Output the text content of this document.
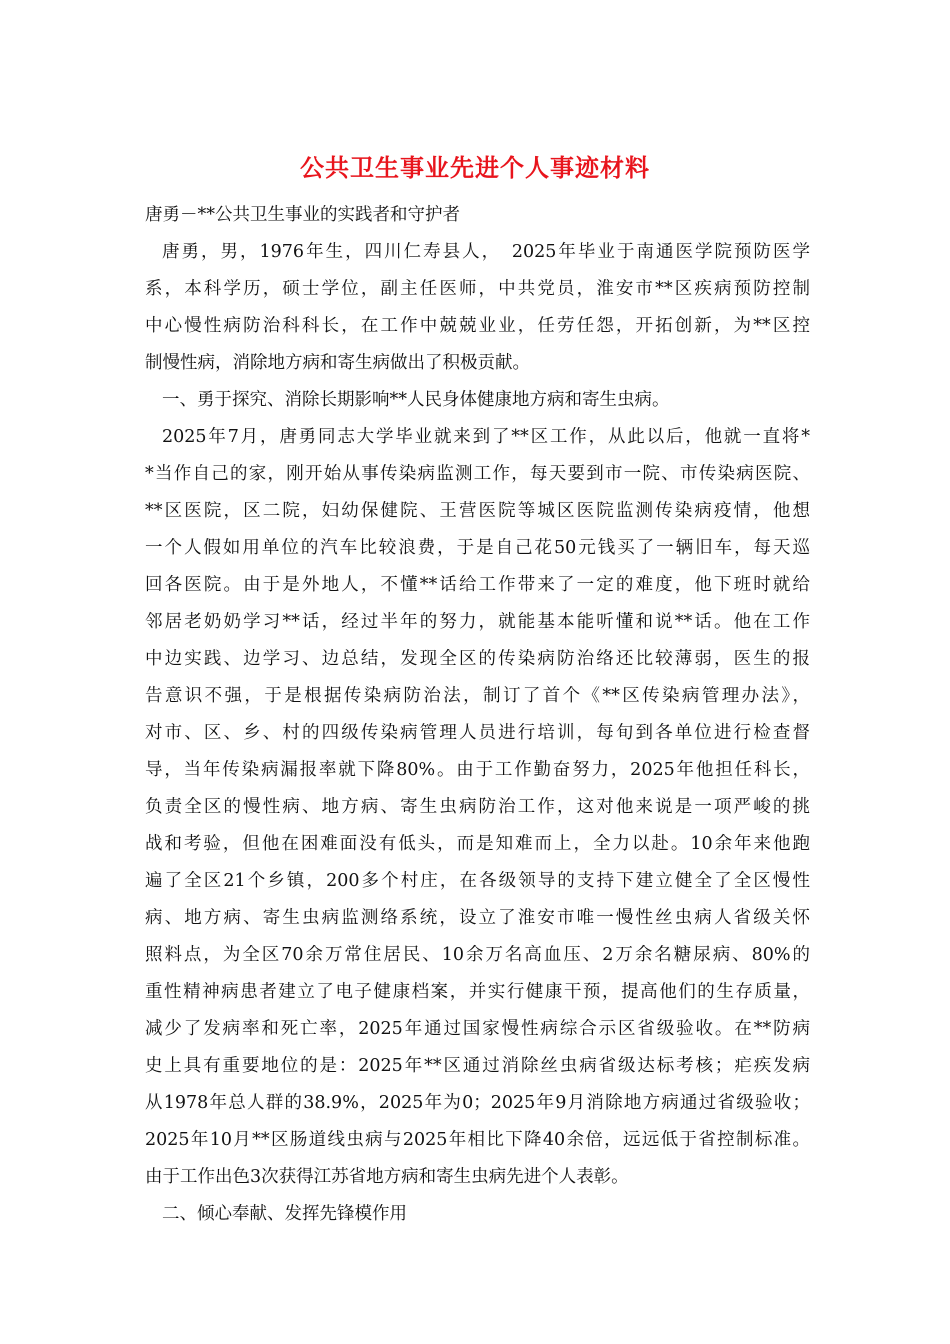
公共卫生事业先进个人事迹材料
唐勇－**公共卫生事业的实践者和守护者
唐勇，男，1976年生，四川仁寿县人，　2025年毕业于南通医学院预防医学
系，本科学历，硕士学位，副主任医师，中共党员，淮安市**区疾病预防控制
中心慢性病防治科科长，在工作中兢兢业业，任劳任怨，开拓创新，为**区控
制慢性病，消除地方病和寄生病做出了积极贡献。
一、勇于探究、消除长期影响**人民身体健康地方病和寄生虫病。
2025年7月，唐勇同志大学毕业就来到了**区工作，从此以后，他就一直将*
*当作自己的家，刚开始从事传染病监测工作，每天要到市一院、市传染病医院、
**区医院，区二院，妇幼保健院、王营医院等城区医院监测传染病疫情，他想
一个人假如用单位的汽车比较浪费，于是自己花50元钱买了一辆旧车，每天巡
回各医院。由于是外地人，不懂**话给工作带来了一定的难度，他下班时就给
邻居老奶奶学习**话，经过半年的努力，就能基本能听懂和说**话。他在工作
中边实践、边学习、边总结，发现全区的传染病防治络还比较薄弱，医生的报
告意识不强，于是根据传染病防治法，制订了首个《**区传染病管理办法》，
对市、区、乡、村的四级传染病管理人员进行培训，每旬到各单位进行检查督
导，当年传染病漏报率就下降80%。由于工作勤奋努力，2025年他担任科长，
负责全区的慢性病、地方病、寄生虫病防治工作，这对他来说是一项严峻的挑
战和考验，但他在困难面没有低头，而是知难而上，全力以赴。10余年来他跑
遍了全区21个乡镇，200多个村庄，在各级领导的支持下建立健全了全区慢性
病、地方病、寄生虫病监测络系统，设立了淮安市唯一慢性丝虫病人省级关怀
照料点，为全区70余万常住居民、10余万名高血压、2万余名糖尿病、80%的
重性精神病患者建立了电子健康档案，并实行健康干预，提高他们的生存质量，
减少了发病率和死亡率，2025年通过国家慢性病综合示区省级验收。在**防病
史上具有重要地位的是：2025年**区通过消除丝虫病省级达标考核；疟疾发病
从1978年总人群的38.9%，2025年为0；2025年9月消除地方病通过省级验收；
2025年10月**区肠道线虫病与2025年相比下降40余倍，远远低于省控制标准。
由于工作出色3次获得江苏省地方病和寄生虫病先进个人表彰。
二、倾心奉献、发挥先锋模作用
